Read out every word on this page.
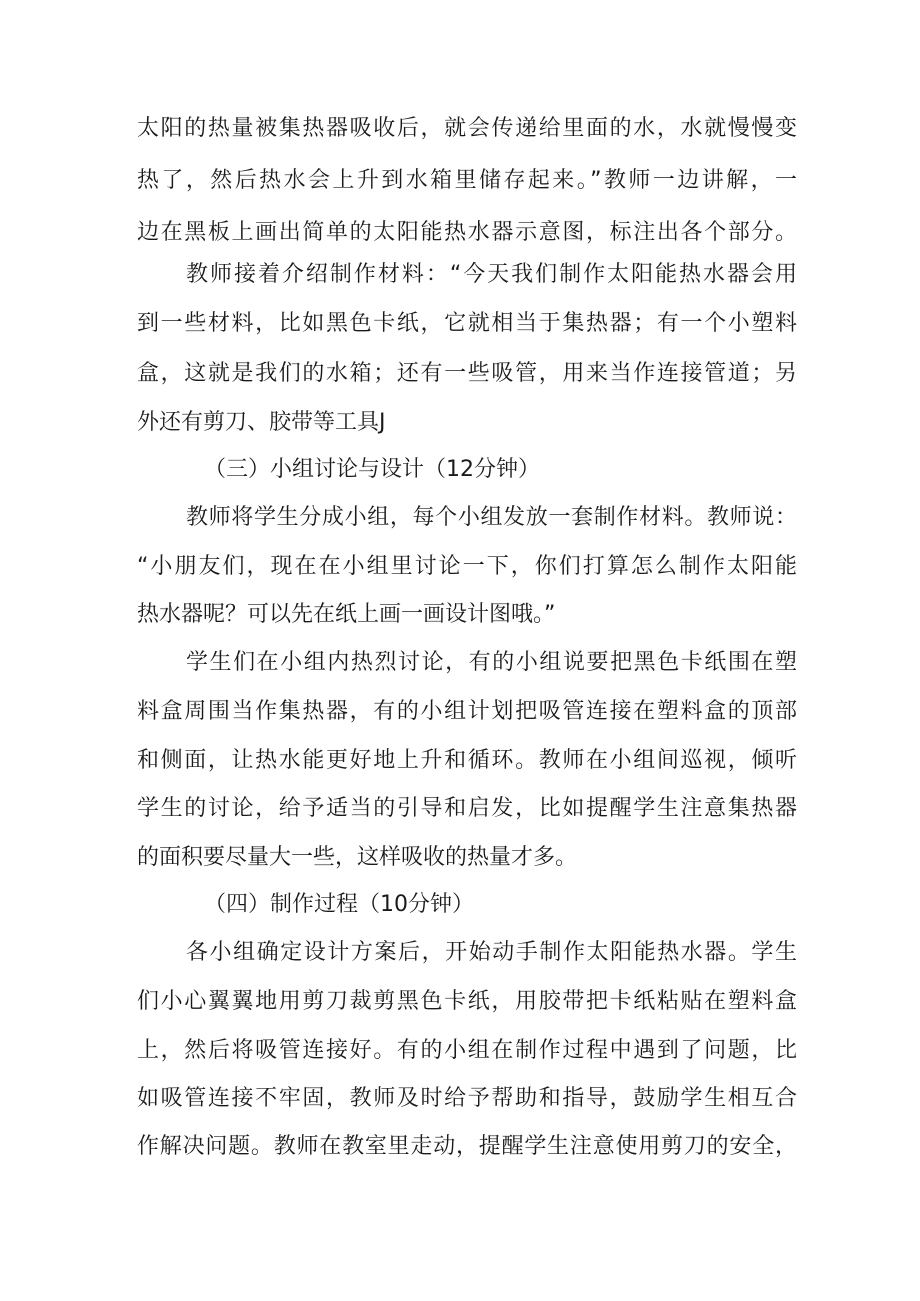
太阳的热量被集热器吸收后，就会传递给里面的水，水就慢慢变
热了，然后热水会上升到水箱里储存起来。”教师一边讲解，一
边在黑板上画出简单的太阳能热水器示意图，标注出各个部分。
教师接着介绍制作材料：“今天我们制作太阳能热水器会用
到一些材料，比如黑色卡纸，它就相当于集热器；有一个小塑料
盒，这就是我们的水箱；还有一些吸管，用来当作连接管道；另
外还有剪刀、胶带等工具J
（三）小组讨论与设计（12分钟）
教师将学生分成小组，每个小组发放一套制作材料。教师说：
“小朋友们，现在在小组里讨论一下，你们打算怎么制作太阳能
热水器呢？可以先在纸上画一画设计图哦。”
学生们在小组内热烈讨论，有的小组说要把黑色卡纸围在塑
料盒周围当作集热器，有的小组计划把吸管连接在塑料盒的顶部
和侧面，让热水能更好地上升和循环。教师在小组间巡视，倾听
学生的讨论，给予适当的引导和启发，比如提醒学生注意集热器
的面积要尽量大一些，这样吸收的热量才多。
（四）制作过程（10分钟）
各小组确定设计方案后，开始动手制作太阳能热水器。学生
们小心翼翼地用剪刀裁剪黑色卡纸，用胶带把卡纸粘贴在塑料盒
上，然后将吸管连接好。有的小组在制作过程中遇到了问题，比
如吸管连接不牢固，教师及时给予帮助和指导，鼓励学生相互合
作解决问题。教师在教室里走动，提醒学生注意使用剪刀的安全，
